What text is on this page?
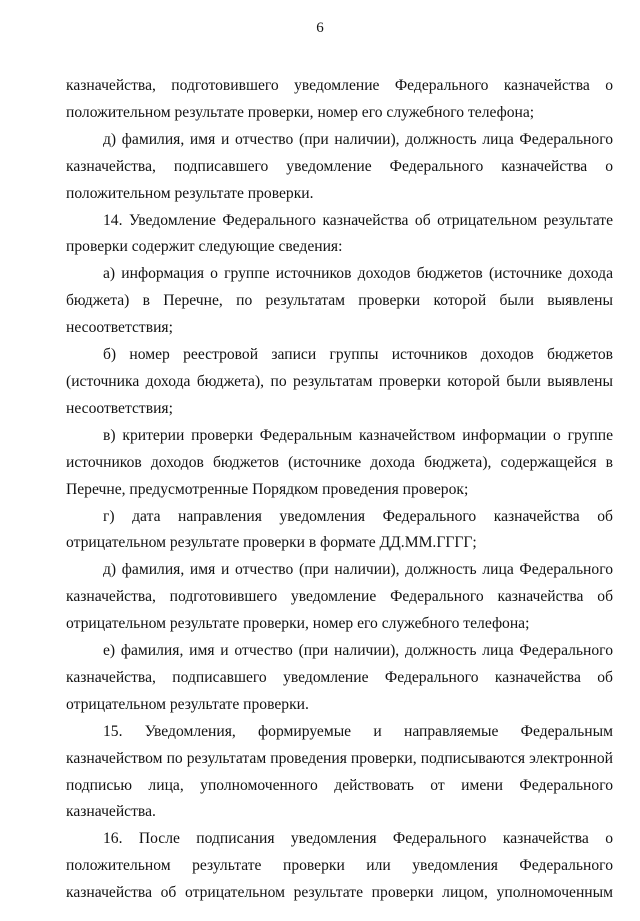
6

казначейства, подготовившего уведомление Федерального казначейства о положительном результате проверки, номер его служебного телефона;

д) фамилия, имя и отчество (при наличии), должность лица Федерального казначейства, подписавшего уведомление Федерального казначейства о положительном результате проверки.

14. Уведомление Федерального казначейства об отрицательном результате проверки содержит следующие сведения:

а) информация о группе источников доходов бюджетов (источнике дохода бюджета) в Перечне, по результатам проверки которой были выявлены несоответствия;

б) номер реестровой записи группы источников доходов бюджетов (источника дохода бюджета), по результатам проверки которой были выявлены несоответствия;

в) критерии проверки Федеральным казначейством информации о группе источников доходов бюджетов (источнике дохода бюджета), содержащейся в Перечне, предусмотренные Порядком проведения проверок;

г) дата направления уведомления Федерального казначейства об отрицательном результате проверки в формате ДД.ММ.ГГГГ;

д) фамилия, имя и отчество (при наличии), должность лица Федерального казначейства, подготовившего уведомление Федерального казначейства об отрицательном результате проверки, номер его служебного телефона;

е) фамилия, имя и отчество (при наличии), должность лица Федерального казначейства, подписавшего уведомление Федерального казначейства об отрицательном результате проверки.

15. Уведомления, формируемые и направляемые Федеральным казначейством по результатам проведения проверки, подписываются электронной подписью лица, уполномоченного действовать от имени Федерального казначейства.

16. После подписания уведомления Федерального казначейства о положительном результате проверки или уведомления Федерального казначейства об отрицательном результате проверки лицом, уполномоченным
